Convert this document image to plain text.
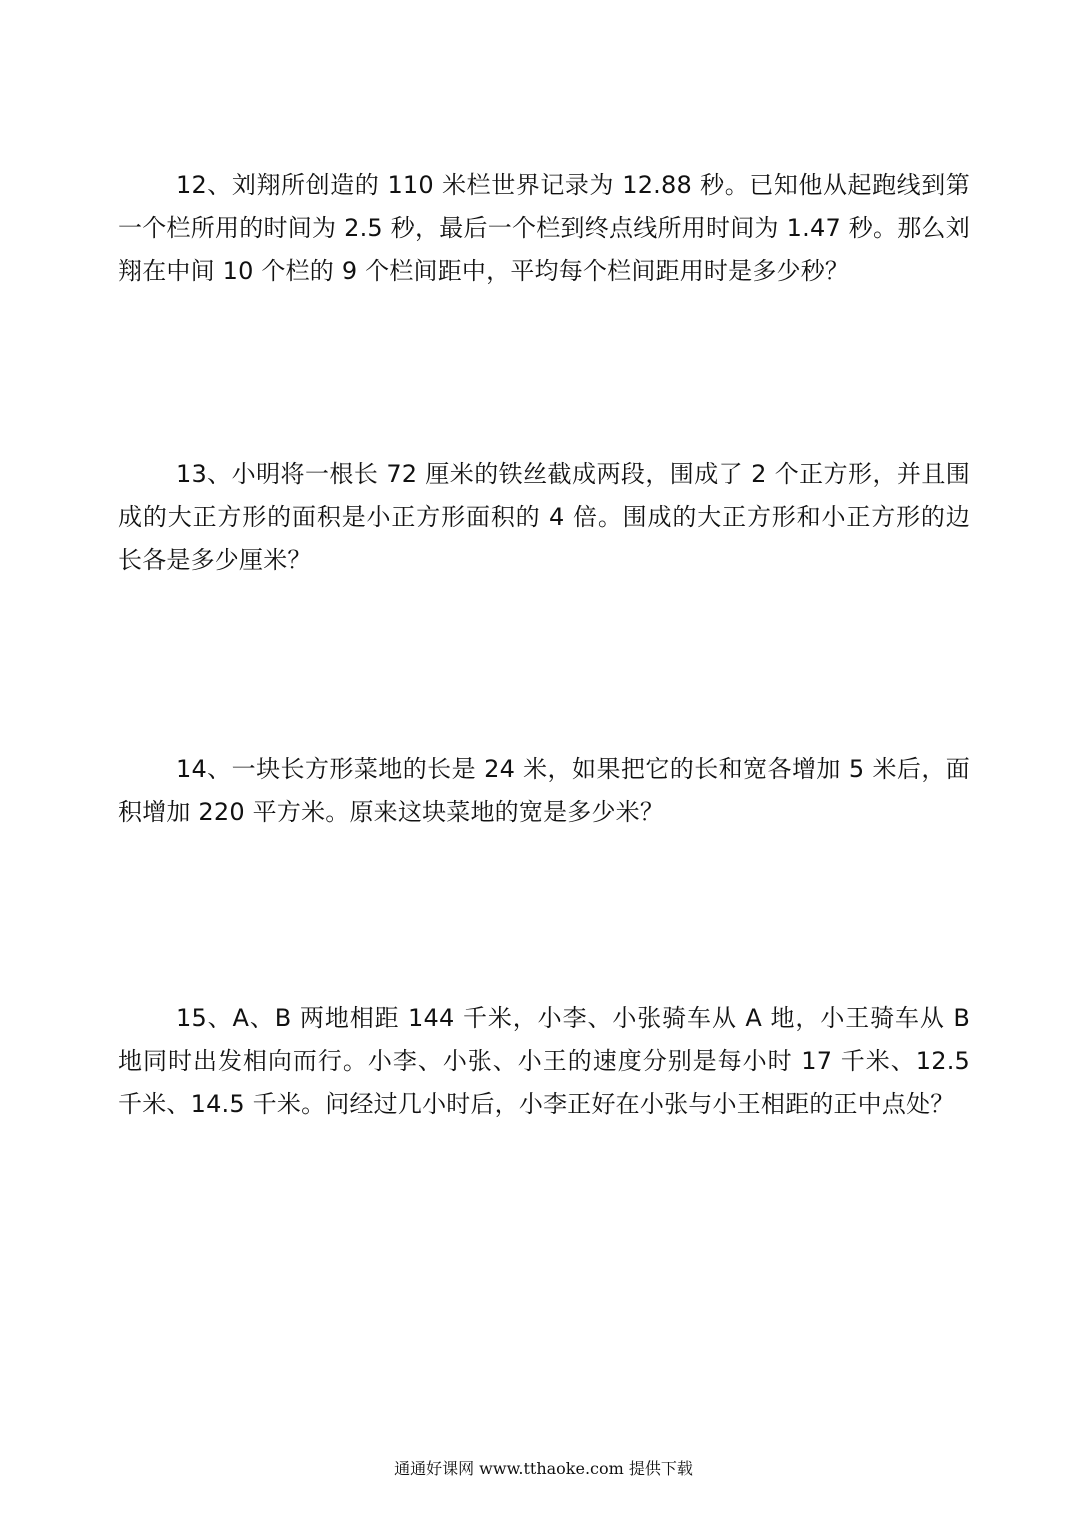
12、刘翔所创造的 110 米栏世界记录为 12.88 秒。已知他从起跑线到第一个栏所用的时间为 2.5 秒，最后一个栏到终点线所用时间为 1.47 秒。那么刘翔在中间 10 个栏的 9 个栏间距中，平均每个栏间距用时是多少秒？

13、小明将一根长 72 厘米的铁丝截成两段，围成了 2 个正方形，并且围成的大正方形的面积是小正方形面积的 4 倍。围成的大正方形和小正方形的边长各是多少厘米？

14、一块长方形菜地的长是 24 米，如果把它的长和宽各增加 5 米后，面积增加 220 平方米。原来这块菜地的宽是多少米？

15、A、B 两地相距 144 千米，小李、小张骑车从 A 地，小王骑车从 B 地同时出发相向而行。小李、小张、小王的速度分别是每小时 17 千米、12.5 千米、14.5 千米。问经过几小时后，小李正好在小张与小王相距的正中点处？

通通好课网 www.tthaoke.com 提供下载
